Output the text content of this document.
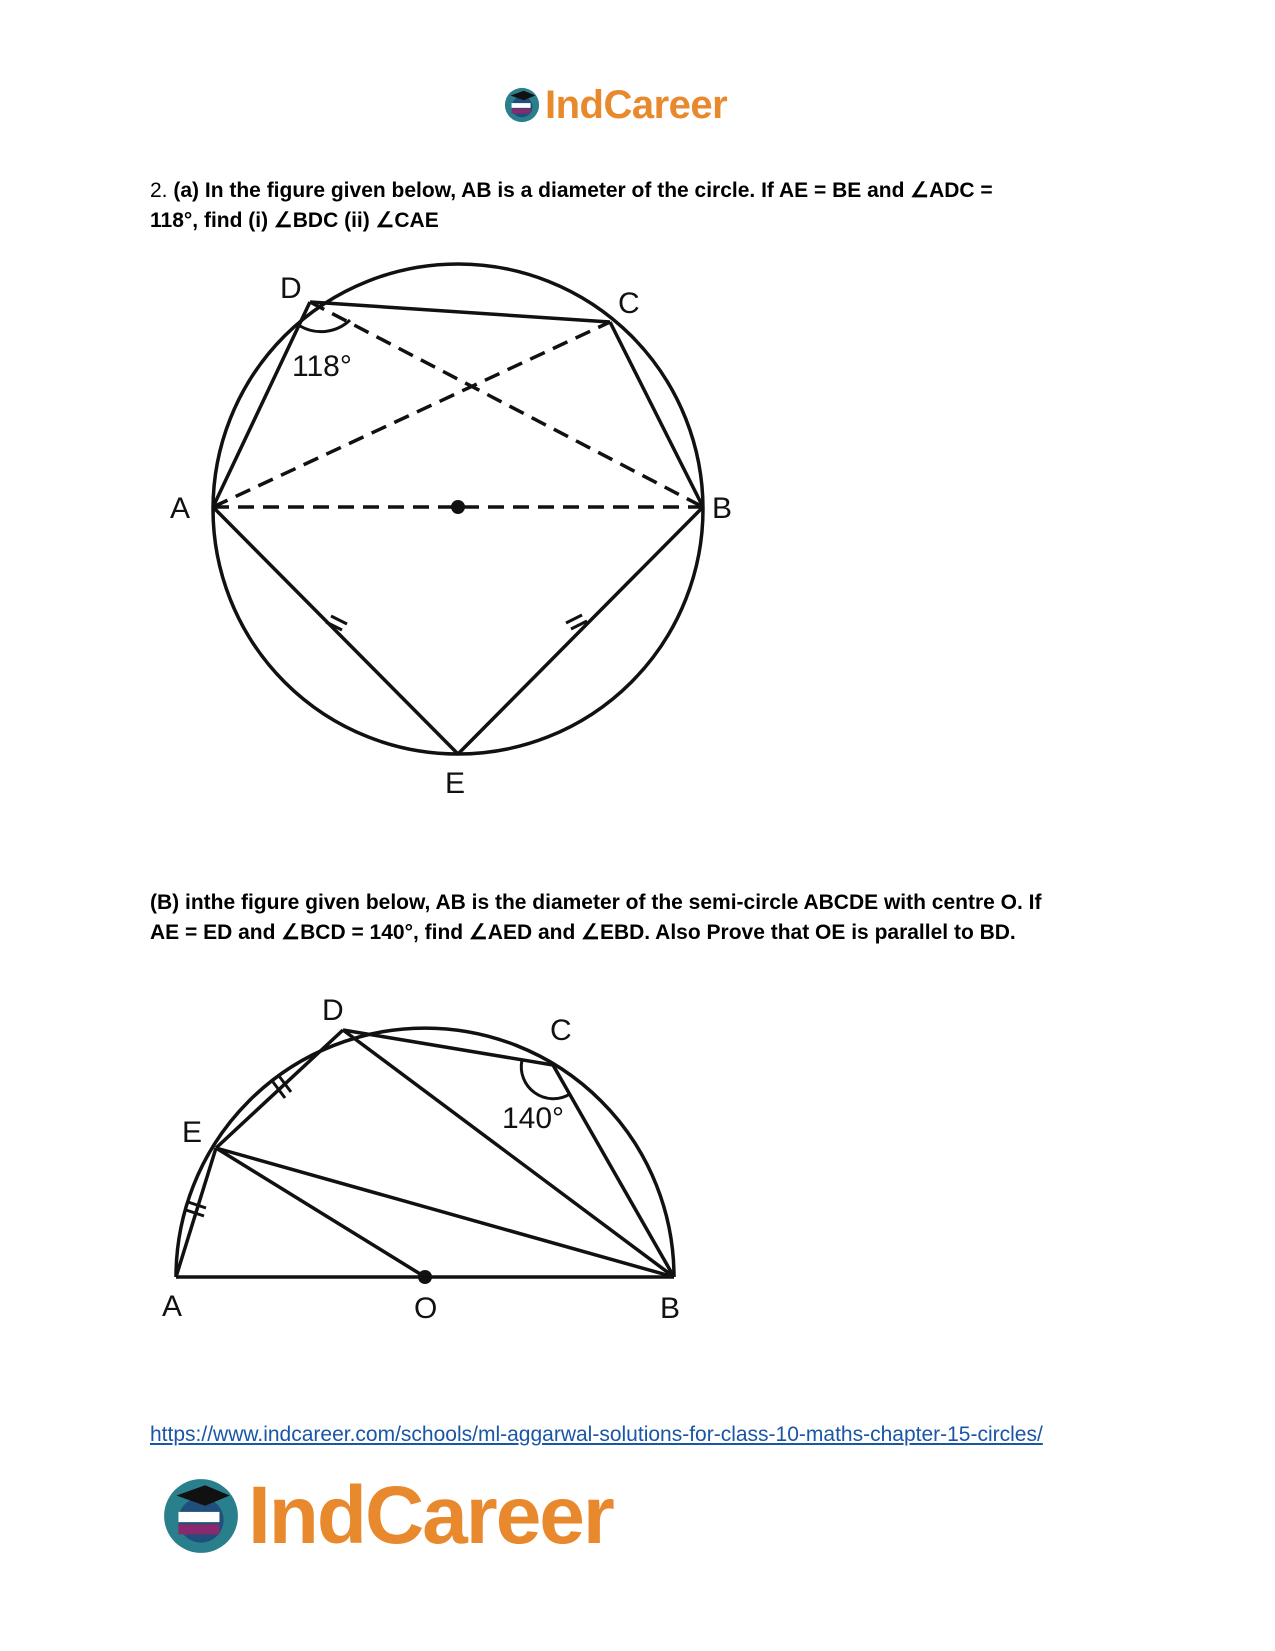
IndCareer
2. (a) In the figure given below, AB is a diameter of the circle. If AE = BE and ∠ADC =
118°, find (i) ∠BDC (ii) ∠CAE
D	C
A	B
E
118°
(B) inthe figure given below, AB is the diameter of the semi-circle ABCDE with centre O. If
AE = ED and ∠BCD = 140°, find ∠AED and ∠EBD. Also Prove that OE is parallel to BD.
D
C
E
A	O	B
140°
https://www.indcareer.com/schools/ml-aggarwal-solutions-for-class-10-maths-chapter-15-circles/
IndCareer
